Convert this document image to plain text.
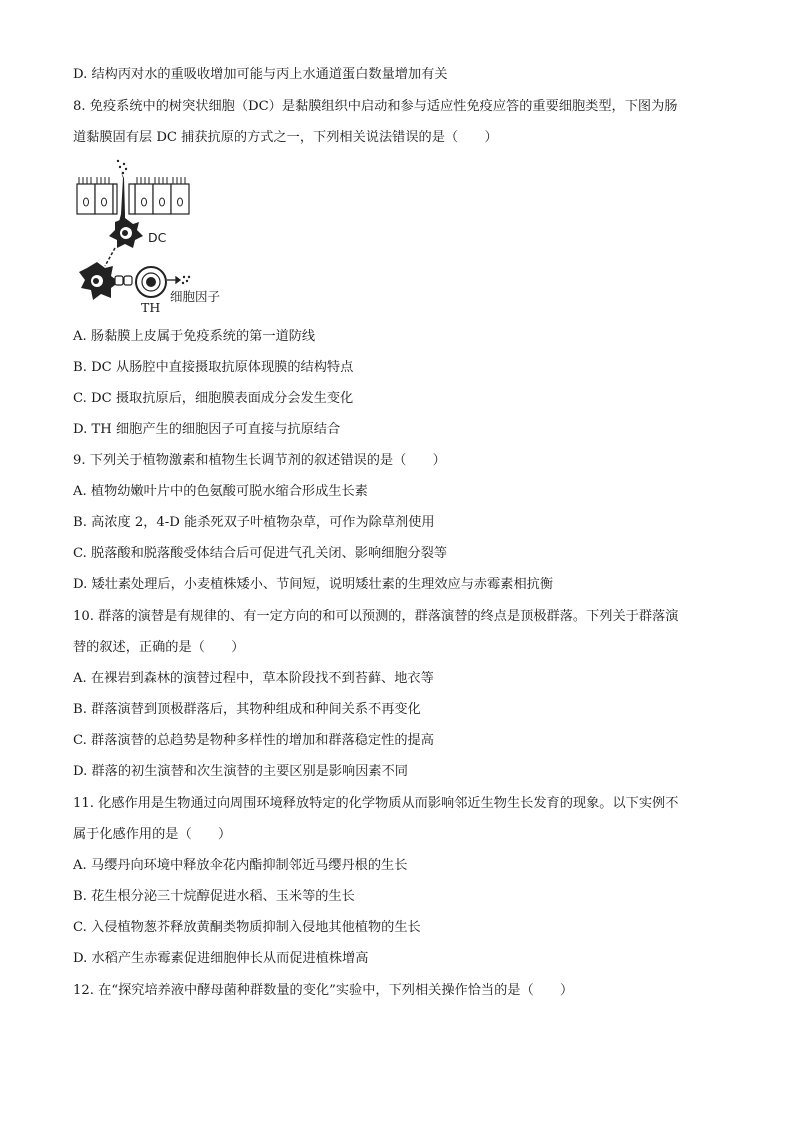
D. 结构丙对水的重吸收增加可能与丙上水通道蛋白数量增加有关
8. 免疫系统中的树突状细胞（DC）是黏膜组织中启动和参与适应性免疫应答的重要细胞类型，下图为肠
道黏膜固有层 DC 捕获抗原的方式之一，下列相关说法错误的是（　　）
DC
TH
细胞因子
A. 肠黏膜上皮属于免疫系统的第一道防线
B. DC 从肠腔中直接摄取抗原体现膜的结构特点
C. DC 摄取抗原后，细胞膜表面成分会发生变化
D. TH 细胞产生的细胞因子可直接与抗原结合
9. 下列关于植物激素和植物生长调节剂的叙述错误的是（　　）
A. 植物幼嫩叶片中的色氨酸可脱水缩合形成生长素
B. 高浓度 2，4-D 能杀死双子叶植物杂草，可作为除草剂使用
C. 脱落酸和脱落酸受体结合后可促进气孔关闭、影响细胞分裂等
D. 矮壮素处理后，小麦植株矮小、节间短，说明矮壮素的生理效应与赤霉素相抗衡
10. 群落的演替是有规律的、有一定方向的和可以预测的，群落演替的终点是顶极群落。下列关于群落演
替的叙述，正确的是（　　）
A. 在裸岩到森林的演替过程中，草本阶段找不到苔藓、地衣等
B. 群落演替到顶极群落后，其物种组成和种间关系不再变化
C. 群落演替的总趋势是物种多样性的增加和群落稳定性的提高
D. 群落的初生演替和次生演替的主要区别是影响因素不同
11. 化感作用是生物通过向周围环境释放特定的化学物质从而影响邻近生物生长发育的现象。以下实例不
属于化感作用的是（　　）
A. 马缨丹向环境中释放伞花内酯抑制邻近马缨丹根的生长
B. 花生根分泌三十烷醇促进水稻、玉米等的生长
C. 入侵植物葱芥释放黄酮类物质抑制入侵地其他植物的生长
D. 水稻产生赤霉素促进细胞伸长从而促进植株增高
12. 在“探究培养液中酵母菌种群数量的变化”实验中，下列相关操作恰当的是（　　）
